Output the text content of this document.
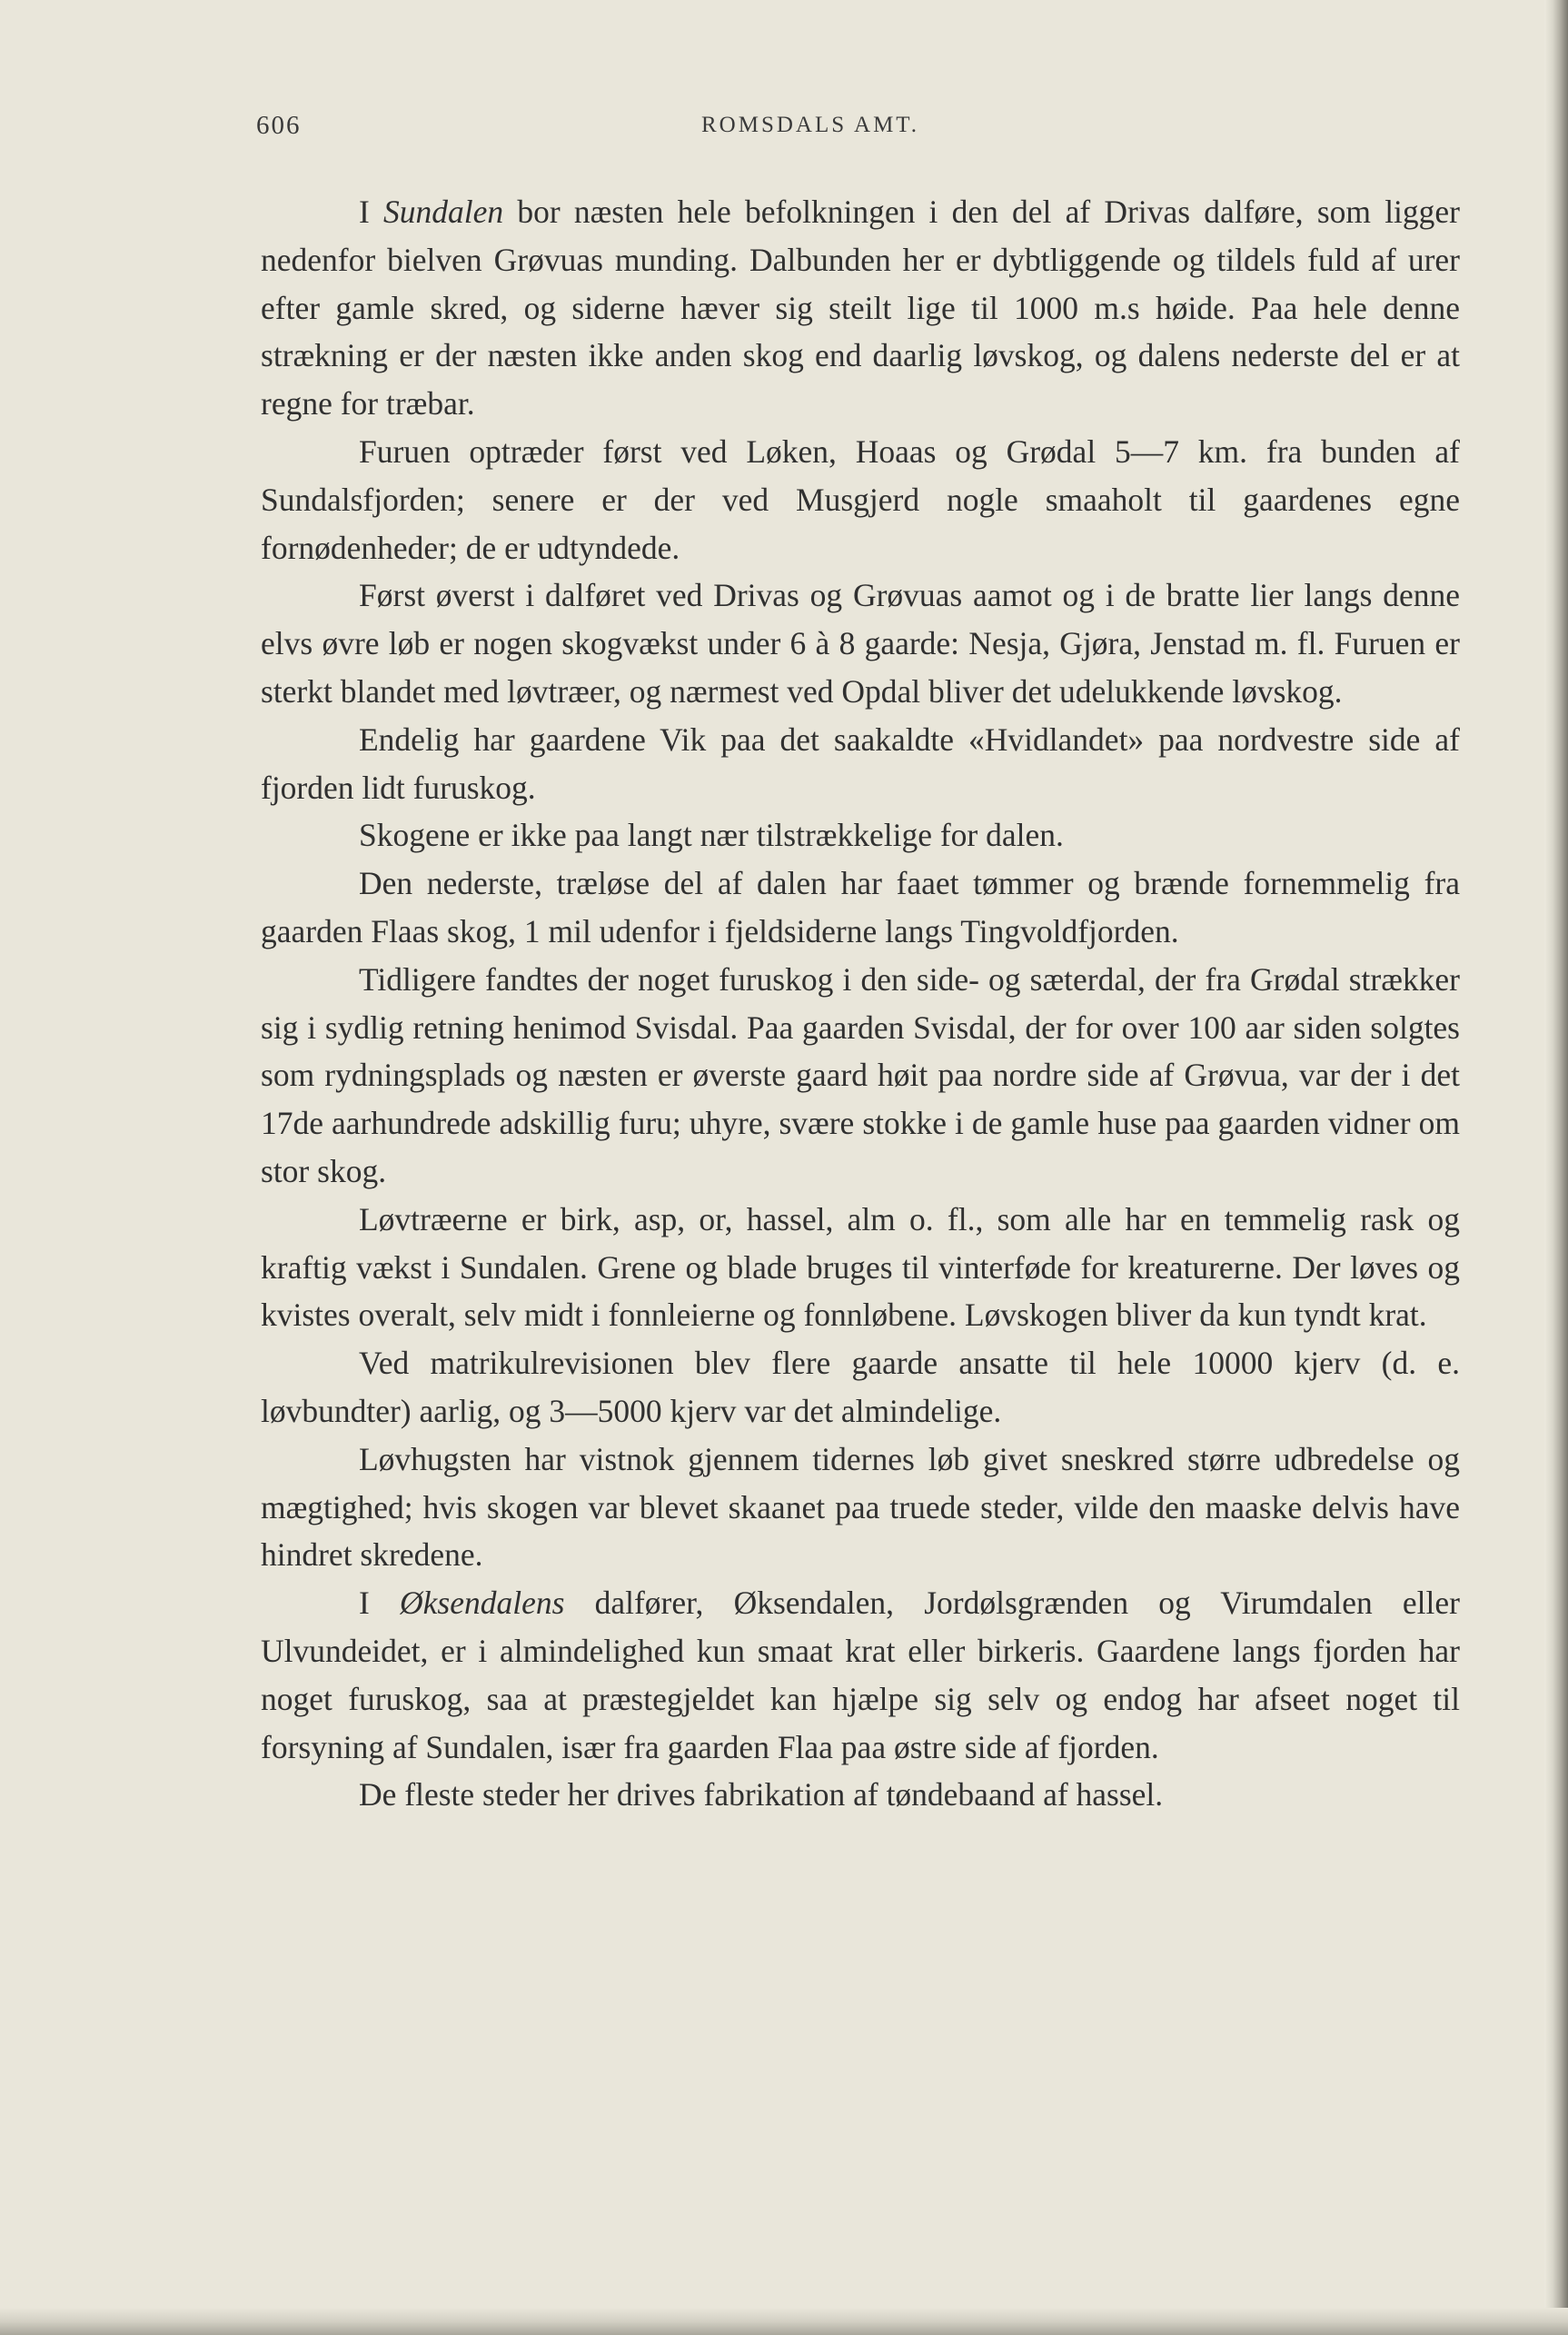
606	ROMSDALS AMT.

I Sundalen bor næsten hele befolkningen i den del af Drivas dalføre, som ligger nedenfor bielven Grøvuas munding. Dalbunden her er dybtliggende og tildels fuld af urer efter gamle skred, og siderne hæver sig steilt lige til 1000 m.s høide. Paa hele denne strækning er der næsten ikke anden skog end daarlig løvskog, og dalens nederste del er at regne for træbar.

Furuen optræder først ved Løken, Hoaas og Grødal 5—7 km. fra bunden af Sundalsfjorden; senere er der ved Musgjerd nogle smaaholt til gaardenes egne fornødenheder; de er udtyndede.

Først øverst i dalføret ved Drivas og Grøvuas aamot og i de bratte lier langs denne elvs øvre løb er nogen skogvækst under 6 à 8 gaarde: Nesja, Gjøra, Jenstad m. fl. Furuen er sterkt blandet med løvtræer, og nærmest ved Opdal bliver det udelukkende løvskog.

Endelig har gaardene Vik paa det saakaldte «Hvidlandet» paa nordvestre side af fjorden lidt furuskog.

Skogene er ikke paa langt nær tilstrækkelige for dalen.

Den nederste, træløse del af dalen har faaet tømmer og brænde fornemmelig fra gaarden Flaas skog, 1 mil udenfor i fjeldsiderne langs Tingvoldfjorden.

Tidligere fandtes der noget furuskog i den side- og sæterdal, der fra Grødal strækker sig i sydlig retning henimod Svisdal. Paa gaarden Svisdal, der for over 100 aar siden solgtes som rydningsplads og næsten er øverste gaard høit paa nordre side af Grøvua, var der i det 17de aarhundrede adskillig furu; uhyre, svære stokke i de gamle huse paa gaarden vidner om stor skog.

Løvtræerne er birk, asp, or, hassel, alm o. fl., som alle har en temmelig rask og kraftig vækst i Sundalen. Grene og blade bruges til vinterføde for kreaturerne. Der løves og kvistes overalt, selv midt i fonnleierne og fonnløbene. Løvskogen bliver da kun tyndt krat.

Ved matrikulrevisionen blev flere gaarde ansatte til hele 10000 kjerv (d. e. løvbundter) aarlig, og 3—5000 kjerv var det almindelige.

Løvhugsten har vistnok gjennem tidernes løb givet sneskred større udbredelse og mægtighed; hvis skogen var blevet skaanet paa truede steder, vilde den maaske delvis have hindret skredene.

I Øksendalens dalfører, Øksendalen, Jordølsgrænden og Virumdalen eller Ulvundeidet, er i almindelighed kun smaat krat eller birkeris. Gaardene langs fjorden har noget furuskog, saa at præstegjeldet kan hjælpe sig selv og endog har afseet noget til forsyning af Sundalen, især fra gaarden Flaa paa østre side af fjorden.

De fleste steder her drives fabrikation af tøndebaand af hassel.
